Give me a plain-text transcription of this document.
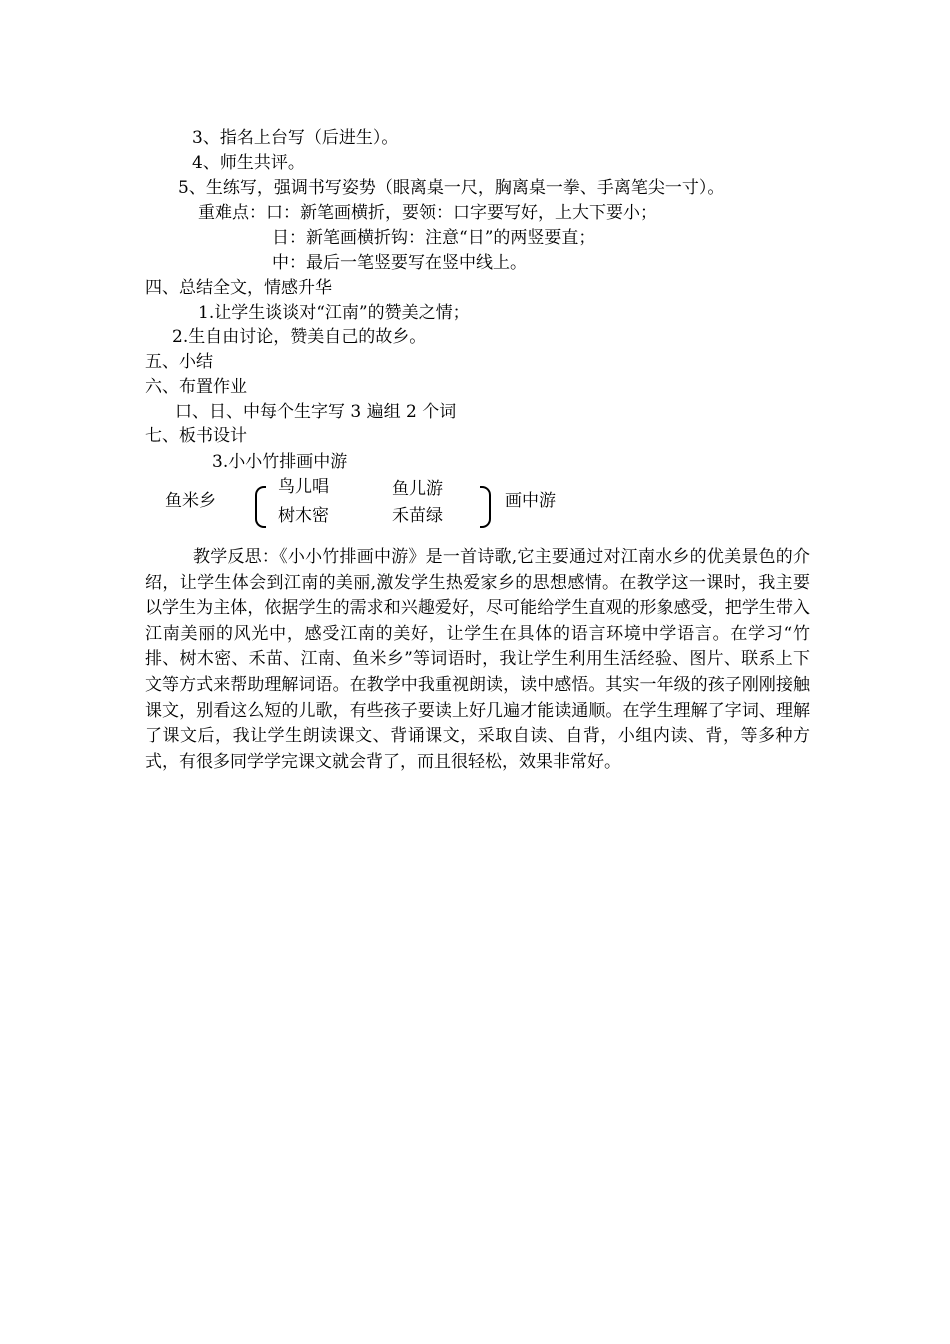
3、指名上台写（后进生）。
4、师生共评。
5、生练写，强调书写姿势（眼离桌一尺，胸离桌一拳、手离笔尖一寸）。
重难点：口：新笔画横折，要领：口字要写好，上大下要小；
日：新笔画横折钩：注意“日”的两竖要直；
中：最后一笔竖要写在竖中线上。
四、总结全文，情感升华
1.让学生谈谈对“江南”的赞美之情；
2.生自由讨论，赞美自己的故乡。
五、小结
六、布置作业
口、日、中每个生字写 3 遍组 2 个词
七、板书设计
3.小小竹排画中游
鱼米乡
鸟儿唱	鱼儿游
树木密	禾苗绿
画中游
教学反思：《小小竹排画中游》是一首诗歌,它主要通过对江南水乡的优美景色的介绍，让学生体会到江南的美丽,激发学生热爱家乡的思想感情。在教学这一课时，我主要以学生为主体，依据学生的需求和兴趣爱好，尽可能给学生直观的形象感受，把学生带入江南美丽的风光中，感受江南的美好，让学生在具体的语言环境中学语言。在学习“竹排、树木密、禾苗、江南、鱼米乡”等词语时，我让学生利用生活经验、图片、联系上下文等方式来帮助理解词语。在教学中我重视朗读，读中感悟。其实一年级的孩子刚刚接触课文，别看这么短的儿歌，有些孩子要读上好几遍才能读通顺。在学生理解了字词、理解了课文后，我让学生朗读课文、背诵课文，采取自读、自背，小组内读、背，等多种方式，有很多同学学完课文就会背了，而且很轻松，效果非常好。
